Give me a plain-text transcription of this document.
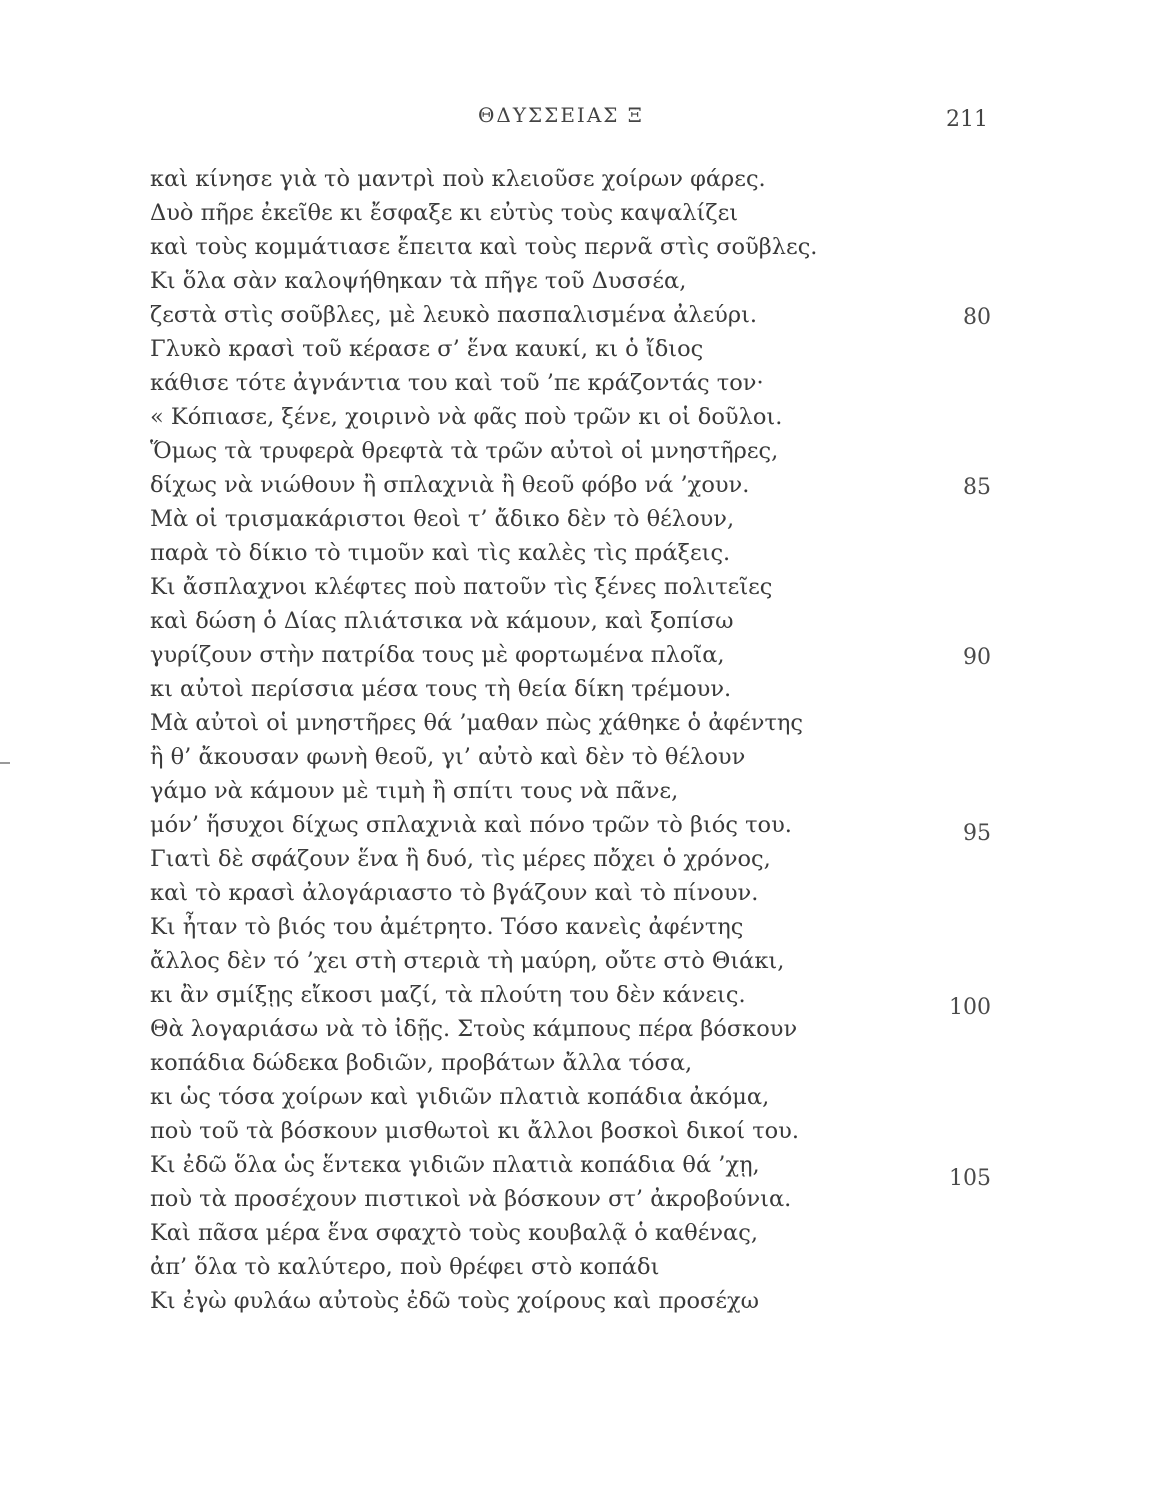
ΘΔΥΣΣΕΙΑΣ Ξ	211
καὶ κίνησε γιὰ τὸ μαντρὶ ποὺ κλειοῦσε χοίρων φάρες.
Δυὸ πῆρε ἐκεῖθε κι ἔσφαξε κι εὐτὺς τοὺς καψαλίζει
καὶ τοὺς κομμάτιασε ἔπειτα καὶ τοὺς περνᾶ στὶς σοῦβλες.
Κι ὅλα σὰν καλοψήθηκαν τὰ πῆγε τοῦ Δυσσέα,
ζεστὰ στὶς σοῦβλες, μὲ λευκὸ πασπαλισμένα ἀλεύρι.
Γλυκὸ κρασὶ τοῦ κέρασε σ’ ἕνα καυκί, κι ὁ ἴδιος
κάθισε τότε ἀγνάντια του καὶ τοῦ ’πε κράζοντάς τον·
« Κόπιασε, ξένε, χοιρινὸ νὰ φᾶς ποὺ τρῶν κι οἱ δοῦλοι.
Ὅμως τὰ τρυφερὰ θρεφτὰ τὰ τρῶν αὐτοὶ οἱ μνηστῆρες,
δίχως νὰ νιώθουν ἢ σπλαχνιὰ ἢ θεοῦ φόβο νά ’χουν.
Μὰ οἱ τρισμακάριστοι θεοὶ τ’ ἄδικο δὲν τὸ θέλουν,
παρὰ τὸ δίκιο τὸ τιμοῦν καὶ τὶς καλὲς τὶς πράξεις.
Κι ἄσπλαχνοι κλέφτες ποὺ πατοῦν τὶς ξένες πολιτεῖες
καὶ δώση ὁ Δίας πλιάτσικα νὰ κάμουν, καὶ ξοπίσω
γυρίζουν στὴν πατρίδα τους μὲ φορτωμένα πλοῖα,
κι αὐτοὶ περίσσια μέσα τους τὴ θεία δίκη τρέμουν.
Μὰ αὐτοὶ οἱ μνηστῆρες θά ’μαθαν πὼς χάθηκε ὁ ἀφέντης
ἢ θ’ ἄκουσαν φωνὴ θεοῦ, γι’ αὐτὸ καὶ δὲν τὸ θέλουν
γάμο νὰ κάμουν μὲ τιμὴ ἢ σπίτι τους νὰ πᾶνε,
μόν’ ἥσυχοι δίχως σπλαχνιὰ καὶ πόνο τρῶν τὸ βιός του.
Γιατὶ δὲ σφάζουν ἕνα ἢ δυό, τὶς μέρες πὄχει ὁ χρόνος,
καὶ τὸ κρασὶ ἀλογάριαστο τὸ βγάζουν καὶ τὸ πίνουν.
Κι ἦταν τὸ βιός του ἀμέτρητο. Τόσο κανεὶς ἀφέντης
ἄλλος δὲν τό ’χει στὴ στεριὰ τὴ μαύρη, οὔτε στὸ Θιάκι,
κι ἂν σμίξῃς εἴκοσι μαζί, τὰ πλούτη του δὲν κάνεις.
Θὰ λογαριάσω νὰ τὸ ἰδῇς. Στοὺς κάμπους πέρα βόσκουν
κοπάδια δώδεκα βοδιῶν, προβάτων ἄλλα τόσα,
κι ὡς τόσα χοίρων καὶ γιδιῶν πλατιὰ κοπάδια ἀκόμα,
ποὺ τοῦ τὰ βόσκουν μισθωτοὶ κι ἄλλοι βοσκοὶ δικοί του.
Κι ἐδῶ ὅλα ὡς ἕντεκα γιδιῶν πλατιὰ κοπάδια θά ’χῃ,
ποὺ τὰ προσέχουν πιστικοὶ νὰ βόσκουν στ’ ἀκροβούνια.
Καὶ πᾶσα μέρα ἕνα σφαχτὸ τοὺς κουβαλᾷ ὁ καθένας,
ἀπ’ ὅλα τὸ καλύτερο, ποὺ θρέφει στὸ κοπάδι
Κι ἐγὼ φυλάω αὐτοὺς ἐδῶ τοὺς χοίρους καὶ προσέχω
80
85
90
95
100
105
